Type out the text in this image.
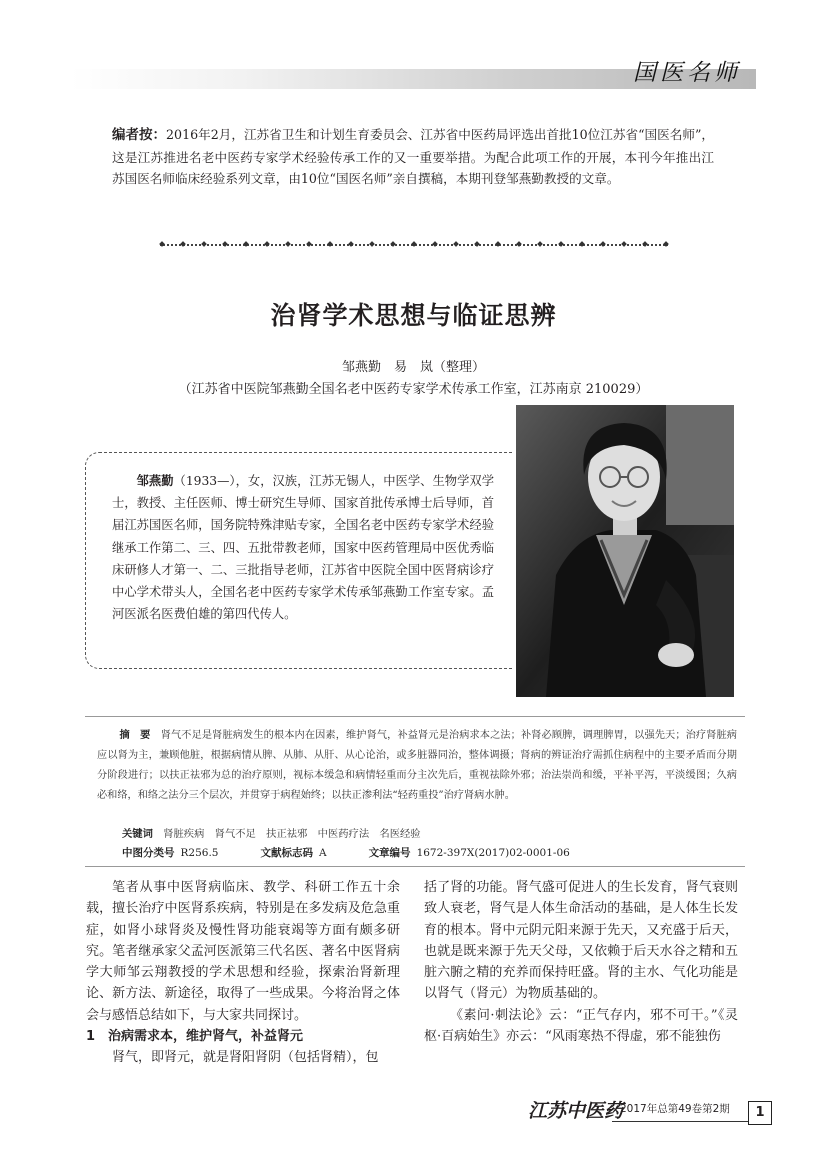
国医名师
编者按：2016年2月，江苏省卫生和计划生育委员会、江苏省中医药局评选出首批10位江苏省“国医名师”，这是江苏推进名老中医药专家学术经验传承工作的又一重要举措。为配合此项工作的开展，本刊今年推出江苏国医名师临床经验系列文章，由10位“国医名师”亲自撰稿，本期刊登邹燕勤教授的文章。
治肾学术思想与临证思辨
邹燕勤　易　岚（整理）
（江苏省中医院邹燕勤全国名老中医药专家学术传承工作室，江苏南京 210029）
邹燕勤（1933—），女，汉族，江苏无锡人，中医学、生物学双学士，教授、主任医师、博士研究生导师、国家首批传承博士后导师，首届江苏国医名师，国务院特殊津贴专家，全国名老中医药专家学术经验继承工作第二、三、四、五批带教老师，国家中医药管理局中医优秀临床研修人才第一、二、三批指导老师，江苏省中医院全国中医肾病诊疗中心学术带头人，全国名老中医药专家学术传承邹燕勤工作室专家。孟河医派名医费伯雄的第四代传人。
摘　要　 肾气不足是肾脏病发生的根本内在因素，维护肾气，补益肾元是治病求本之法；补肾必顾脾，调理脾胃，以强先天；治疗肾脏病应以肾为主，兼顾他脏，根据病情从脾、从肺、从肝、从心论治，或多脏器同治，整体调摄；肾病的辨证治疗需抓住病程中的主要矛盾而分期分阶段进行；以扶正祛邪为总的治疗原则，视标本缓急和病情轻重而分主次先后，重视祛除外邪；治法崇尚和缓，平补平泻，平淡缓图；久病必和络，和络之法分三个层次，并贯穿于病程始终；以扶正渗利法“轻药重投”治疗肾病水肿。
关键词　 肾脏疾病　 肾气不足　 扶正祛邪　 中医药疗法　 名医经验
中图分类号 R256.5	文献标志码 A	文章编号 1672-397X(2017)02-0001-06

笔者从事中医肾病临床、教学、科研工作五十余载，擅长治疗中医肾系疾病，特别是在多发病及危急重症，如肾小球肾炎及慢性肾功能衰竭等方面有颇多研究。笔者继承家父孟河医派第三代名医、著名中医肾病学大师邹云翔教授的学术思想和经验，探索治肾新理论、新方法、新途径，取得了一些成果。今将治肾之体会与感悟总结如下，与大家共同探讨。

1　治病需求本，维护肾气，补益肾元

肾气，即肾元，就是肾阳肾阴（包括肾精），包

括了肾的功能。肾气盛可促进人的生长发育，肾气衰则致人衰老，肾气是人体生命活动的基础，是人体生长发育的根本。肾中元阴元阳来源于先天，又充盛于后天，也就是既来源于先天父母，又依赖于后天水谷之精和五脏六腑之精的充养而保持旺盛。肾的主水、气化功能是以肾气（肾元）为物质基础的。

《素问·刺法论》云：“正气存内，邪不可干。”《灵枢·百病始生》亦云：“风雨寒热不得虚，邪不能独伤

江苏中医药
2017年总第49卷第2期	1
